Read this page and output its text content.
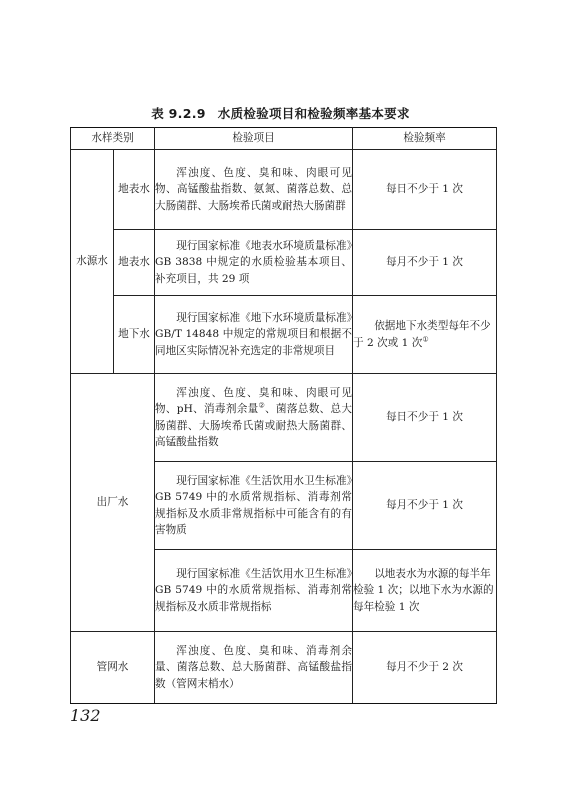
表 9.2.9 水质检验项目和检验频率基本要求
水样类别		检验项目	检验频率
水源水	地表水	浑浊度、色度、臭和味、肉眼可见物、高锰酸盐指数、氨氮、菌落总数、总大肠菌群、大肠埃希氏菌或耐热大肠菌群	每日不少于 1 次
	地表水	现行国家标准《地表水环境质量标准》GB 3838 中规定的水质检验基本项目、补充项目，共 29 项	每月不少于 1 次
	地下水	现行国家标准《地下水环境质量标准》GB/T 14848 中规定的常规项目和根据不同地区实际情况补充选定的非常规项目	依据地下水类型每年不少于 2 次或 1 次①

出厂水		浑浊度、色度、臭和味、肉眼可见物、pH、消毒剂余量②、菌落总数、总大肠菌群、大肠埃希氏菌或耐热大肠菌群、高锰酸盐指数	每日不少于 1 次

		现行国家标准《生活饮用水卫生标准》GB 5749 中的水质常规指标、消毒剂常规指标及水质非常规指标中可能含有的有害物质	每月不少于 1 次

		现行国家标准《生活饮用水卫生标准》GB 5749 中的水质常规指标、消毒剂常规指标及水质非常规指标	以地表水为水源的每半年检验 1 次；以地下水为水源的每年检验 1 次

管网水		浑浊度、色度、臭和味、消毒剂余量、菌落总数、总大肠菌群、高锰酸盐指数（管网末梢水）	每月不少于 2 次
132
